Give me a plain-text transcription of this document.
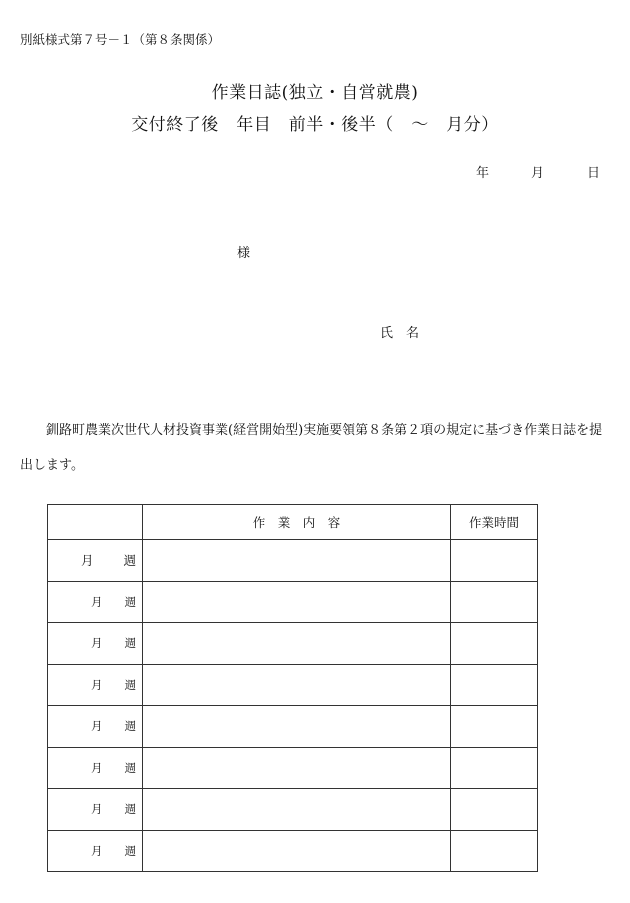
別紙様式第７号－１（第８条関係）
作業日誌(独立・自営就農)
交付終了後　年目　前半・後半（　～　月分）
年	月	日
様
氏名
釧路町農業次世代人材投資事業(経営開始型)実施要領第８条第２項の規定に基づき作業日誌を提出します。
	作　業　内　容	作業時間

月 週		

月 週		

月 週		

月 週		

月 週		

月 週		

月 週		

月 週		
